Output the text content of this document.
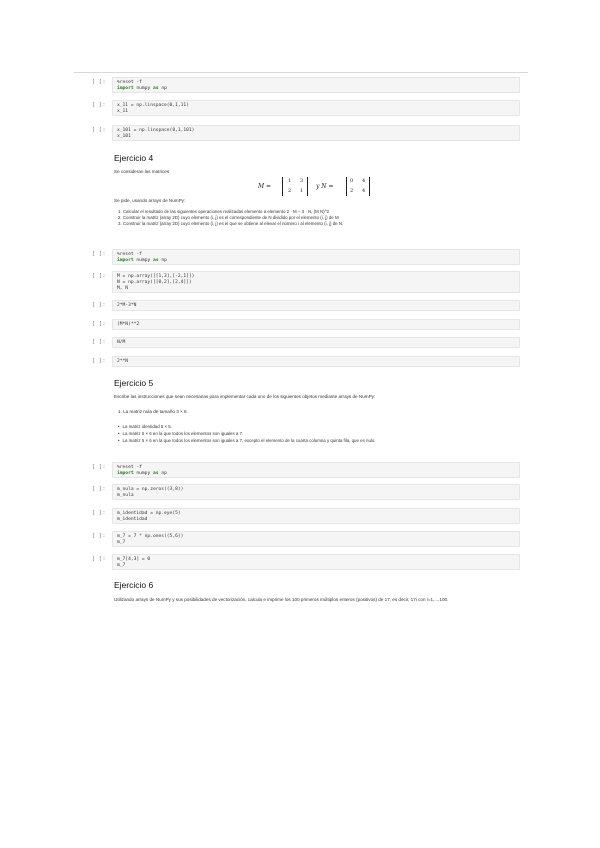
[ ]:	%reset -f
import numpy as np
[ ]:	x_11 = np.linspace(0,1,11)
x_11
[ ]:	x_101 = np.linspace(0,1,101)
x_101
Ejercicio 4
Se consideran las matrices
M =
1 3
2 1
y N =
0 4
2 4
Se pide, usando arrays de NumPy:
1. Calcular el resultado de las siguientes operaciones realizadas elemento a elemento 2 · M − 3 · N, (M N)^2
2. Construir la matriz (array 2D) cuyo elemento (i, j) es el correspondiente de N dividido por el elemento (i, j) de M
3. Construir la matriz (array 2D) cuyo elemento (i, j) es el que se obtiene al elevar el número i al elemento (i, j) de N.
[ ]:	%reset -f
import numpy as np
[ ]:	M = np.array([[1,3],[-2,1]])
N = np.array([[0,2],[2,4]])
M, N
[ ]:	2*M-3*N
[ ]:	(M*N)**2
[ ]:	N/M
[ ]:	2**N
Ejercicio 5
Escribe las instrucciones que sean necesarias para implementar cada uno de los siguientes objetos mediante arrays de NumPy:
1. La matriz nula de tamaño 3 × 8.
• La matriz identidad 5 × 5.
• La matriz 5 × 6 en la que todos los elementos son iguales a 7.
• La matriz 5 × 6 en la que todos los elementos son iguales a 7, excepto el elemento de la cuarta columna y quinta fila, que es nulo.
[ ]:	%reset -f
import numpy as np
[ ]:	m_nula = np.zeros((3,8))
m_nula
[ ]:	m_identidad = np.eye(5)
m_identidad
[ ]:	m_7 = 7 * np.ones((5,6))
m_7
[ ]:	m_7[4,3] = 0
m_7
Ejercicio 6
Utilizando arrays de NumPy y sus posibilidades de vectorización, calcula e imprime los 100 primeros múltiplos enteros (positivos) de 17, es decir, 17i con i=1,...,100.
